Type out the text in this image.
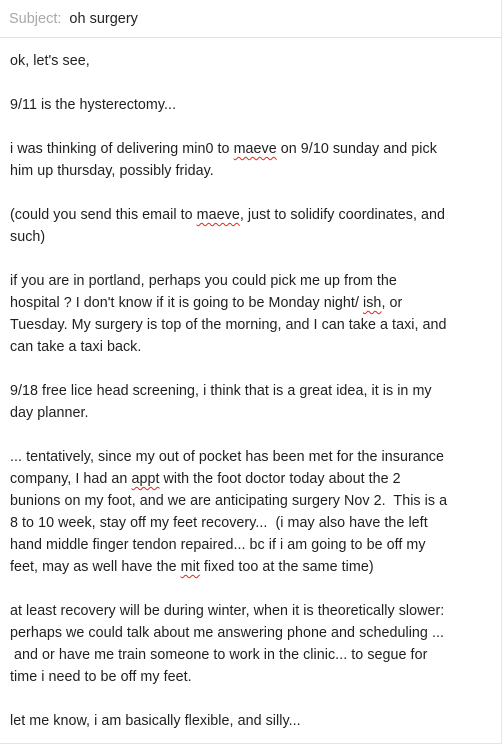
Subject: oh surgery
ok, let's see,
9/11 is the hysterectomy...
i was thinking of delivering min0 to maeve on 9/10 sunday and pick
him up thursday, possibly friday.
(could you send this email to maeve, just to solidify coordinates, and
such)
if you are in portland, perhaps you could pick me up from the
hospital ? I don't know if it is going to be Monday night/ ish, or
Tuesday. My surgery is top of the morning, and I can take a taxi, and
can take a taxi back.
9/18 free lice head screening, i think that is a great idea, it is in my
day planner.
... tentatively, since my out of pocket has been met for the insurance
company, I had an appt with the foot doctor today about the 2
bunions on my foot, and we are anticipating surgery Nov 2.  This is a
8 to 10 week, stay off my feet recovery...  (i may also have the left
hand middle finger tendon repaired... bc if i am going to be off my
feet, may as well have the mit fixed too at the same time)
at least recovery will be during winter, when it is theoretically slower:
perhaps we could talk about me answering phone and scheduling ...
and or have me train someone to work in the clinic... to segue for
time i need to be off my feet.
let me know, i am basically flexible, and silly...
